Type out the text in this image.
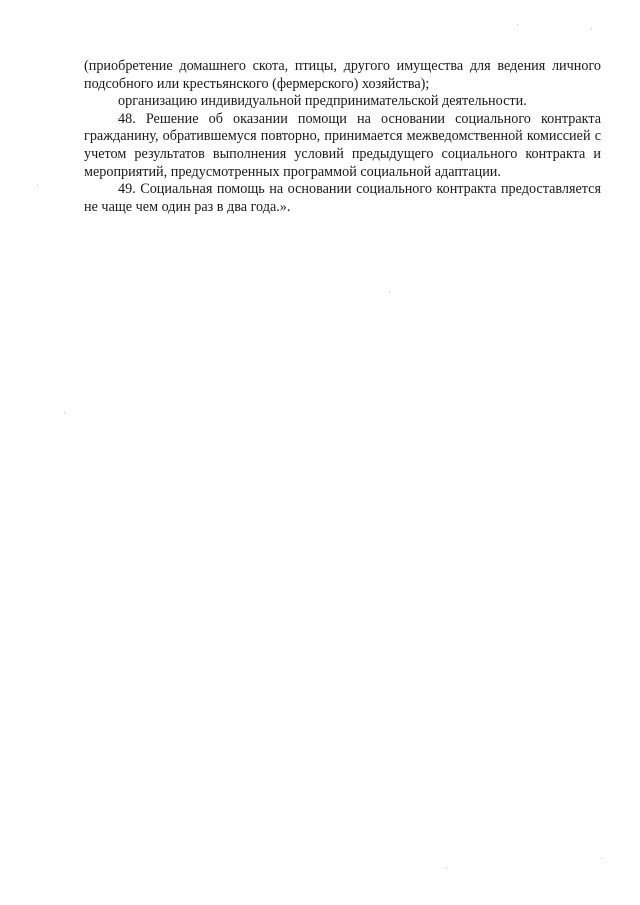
(приобретение домашнего скота, птицы, другого имущества для ведения личного подсобного или крестьянского (фермерского) хозяйства);

организацию индивидуальной предпринимательской деятельности.

48. Решение об оказании помощи на основании социального контракта гражданину, обратившемуся повторно, принимается межведомственной комиссией с учетом результатов выполнения условий предыдущего социального контракта и мероприятий, предусмотренных программой социальной адаптации.

49. Социальная помощь на основании социального контракта предоставляется не чаще чем один раз в два года.».
